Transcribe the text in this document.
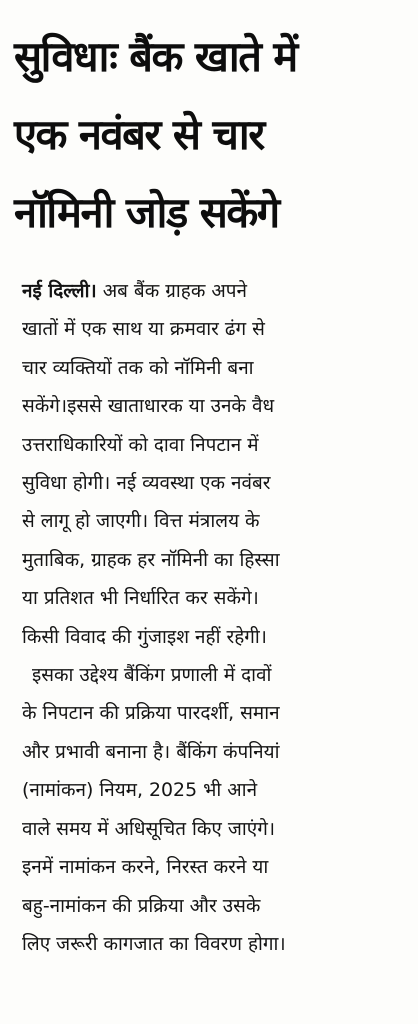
सुविधाः बैंक खाते में
एक नवंबर से चार
नॉमिनी जोड़ सकेंगे
नई दिल्ली। अब बैंक ग्राहक अपने
खातों में एक साथ या क्रमवार ढंग से
चार व्यक्तियों तक को नॉमिनी बना
सकेंगे।इससे खाताधारक या उनके वैध
उत्तराधिकारियों को दावा निपटान में
सुविधा होगी। नई व्यवस्था एक नवंबर
से लागू हो जाएगी। वित्त मंत्रालय के
मुताबिक, ग्राहक हर नॉमिनी का हिस्सा
या प्रतिशत भी निर्धारित कर सकेंगे।
किसी विवाद की गुंजाइश नहीं रहेगी।
इसका उद्देश्य बैंकिंग प्रणाली में दावों
के निपटान की प्रक्रिया पारदर्शी, समान
और प्रभावी बनाना है। बैंकिंग कंपनियां
(नामांकन) नियम, 2025 भी आने
वाले समय में अधिसूचित किए जाएंगे।
इनमें नामांकन करने, निरस्त करने या
बहु-नामांकन की प्रक्रिया और उसके
लिए जरूरी कागजात का विवरण होगा।
